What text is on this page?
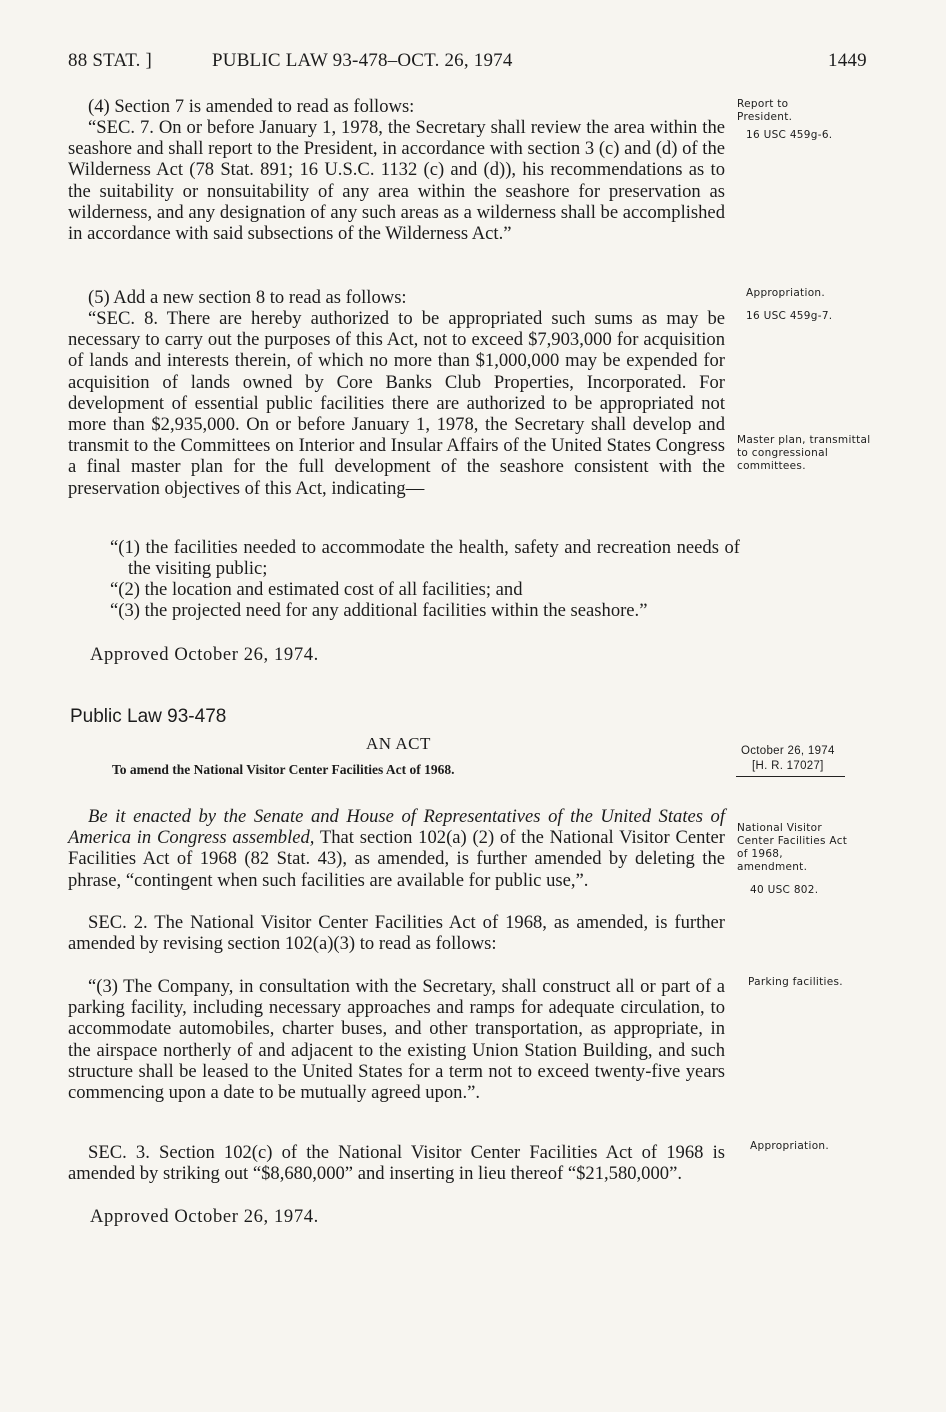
88 STAT. ]	PUBLIC LAW 93-478–OCT. 26, 1974	1449
(4) Section 7 is amended to read as follows:
“SEC. 7. On or before January 1, 1978, the Secretary shall review the area within the seashore and shall report to the President, in accordance with section 3 (c) and (d) of the Wilderness Act (78 Stat. 891; 16 U.S.C. 1132 (c) and (d)), his recommendations as to the suitability or nonsuitability of any area within the seashore for preservation as wilderness, and any designation of any such areas as a wilderness shall be accomplished in accordance with said subsections of the Wilderness Act.”
(5) Add a new section 8 to read as follows:
“SEC. 8. There are hereby authorized to be appropriated such sums as may be necessary to carry out the purposes of this Act, not to exceed $7,903,000 for acquisition of lands and interests therein, of which no more than $1,000,000 may be expended for acquisition of lands owned by Core Banks Club Properties, Incorporated. For development of essential public facilities there are authorized to be appropriated not more than $2,935,000. On or before January 1, 1978, the Secretary shall develop and transmit to the Committees on Interior and Insular Affairs of the United States Congress a final master plan for the full development of the seashore consistent with the preservation objectives of this Act, indicating—
“(1) the facilities needed to accommodate the health, safety and recreation needs of the visiting public;
“(2) the location and estimated cost of all facilities; and
“(3) the projected need for any additional facilities within the seashore.”
Approved October 26, 1974.
Public Law 93-478
AN ACT
To amend the National Visitor Center Facilities Act of 1968.
Be it enacted by the Senate and House of Representatives of the United States of America in Congress assembled, That section 102(a) (2) of the National Visitor Center Facilities Act of 1968 (82 Stat. 43), as amended, is further amended by deleting the phrase, “contingent when such facilities are available for public use,”.
SEC. 2. The National Visitor Center Facilities Act of 1968, as amended, is further amended by revising section 102(a)(3) to read as follows:
“(3) The Company, in consultation with the Secretary, shall construct all or part of a parking facility, including necessary approaches and ramps for adequate circulation, to accommodate automobiles, charter buses, and other transportation, as appropriate, in the airspace northerly of and adjacent to the existing Union Station Building, and such structure shall be leased to the United States for a term not to exceed twenty-five years commencing upon a date to be mutually agreed upon.”.
SEC. 3. Section 102(c) of the National Visitor Center Facilities Act of 1968 is amended by striking out “$8,680,000” and inserting in lieu thereof “$21,580,000”.
Approved October 26, 1974.
Report to President.
16 USC 459g-6.
Appropriation.
16 USC 459g-7.
Master plan, transmittal to congressional committees.
October 26, 1974
[H. R. 17027]
National Visitor Center Facilities Act of 1968, amendment.
40 USC 802.
Parking facilities.
Appropriation.
